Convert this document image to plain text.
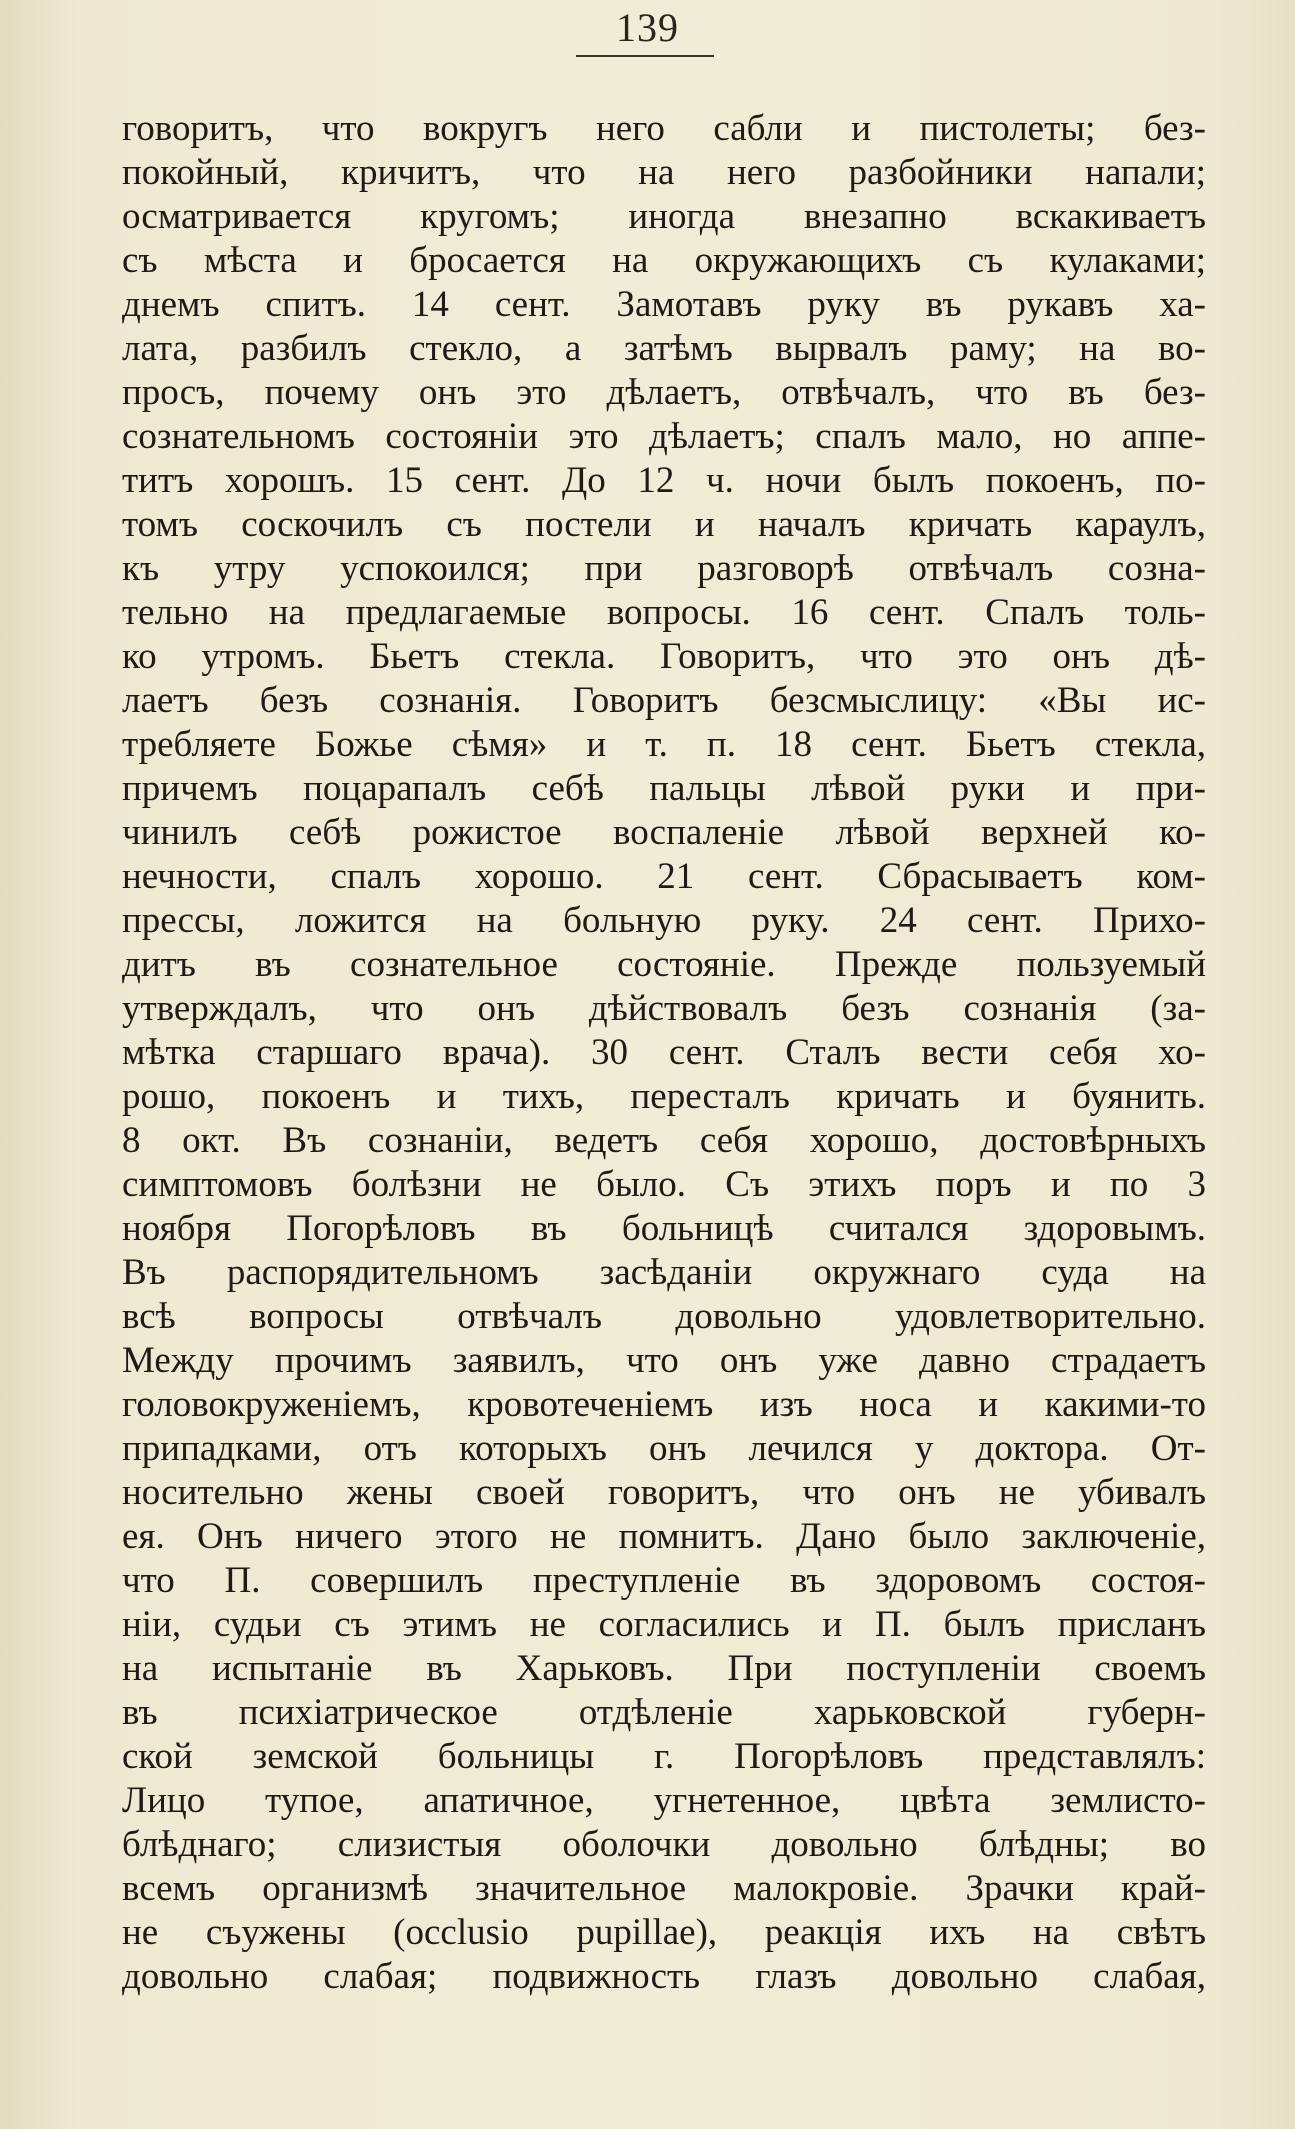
139
говоритъ, что вокругъ него сабли и пистолеты; без-
покойный, кричитъ, что на него разбойники напали;
осматривается кругомъ; иногда внезапно вскакиваетъ
съ мѣста и бросается на окружающихъ съ кулаками;
днемъ спитъ. 14 сент. Замотавъ руку въ рукавъ ха-
лата, разбилъ стекло, а затѣмъ вырвалъ раму; на во-
просъ, почему онъ это дѣлаетъ, отвѣчалъ, что въ без-
сознательномъ состояніи это дѣлаетъ; спалъ мало, но аппе-
титъ хорошъ. 15 сент. До 12 ч. ночи былъ покоенъ, по-
томъ соскочилъ съ постели и началъ кричать караулъ,
къ утру успокоился; при разговорѣ отвѣчалъ созна-
тельно на предлагаемые вопросы. 16 сент. Спалъ толь-
ко утромъ. Бьетъ стекла. Говоритъ, что это онъ дѣ-
лаетъ безъ сознанія. Говоритъ безсмыслицу: «Вы ис-
требляете Божье сѣмя» и т. п. 18 сент. Бьетъ стекла,
причемъ поцарапалъ себѣ пальцы лѣвой руки и при-
чинилъ себѣ рожистое воспаленіе лѣвой верхней ко-
нечности, спалъ хорошо. 21 сент. Сбрасываетъ ком-
прессы, ложится на больную руку. 24 сент. Прихо-
дитъ въ сознательное состояніе. Прежде пользуемый
утверждалъ, что онъ дѣйствовалъ безъ сознанія (за-
мѣтка старшаго врача). 30 сент. Сталъ вести себя хо-
рошо, покоенъ и тихъ, пересталъ кричать и буянить.
8 окт. Въ сознаніи, ведетъ себя хорошо, достовѣрныхъ
симптомовъ болѣзни не было. Съ этихъ поръ и по 3
ноября Погорѣловъ въ больницѣ считался здоровымъ.
Въ распорядительномъ засѣданіи окружнаго суда на
всѣ вопросы отвѣчалъ довольно удовлетворительно.
Между прочимъ заявилъ, что онъ уже давно страдаетъ
головокруженіемъ, кровотеченіемъ изъ носа и какими-то
припадками, отъ которыхъ онъ лечился у доктора. От-
носительно жены своей говоритъ, что онъ не убивалъ
ея. Онъ ничего этого не помнитъ. Дано было заключеніе,
что П. совершилъ преступленіе въ здоровомъ состоя-
ніи, судьи съ этимъ не согласились и П. былъ присланъ
на испытаніе въ Харьковъ. При поступленіи своемъ
въ психіатрическое отдѣленіе харьковской губерн-
ской земской больницы г. Погорѣловъ представлялъ:
Лицо тупое, апатичное, угнетенное, цвѣта землисто-
блѣднаго; слизистыя оболочки довольно блѣдны; во
всемъ организмѣ значительное малокровіе. Зрачки край-
не съужены (occlusio pupillae), реакція ихъ на свѣтъ
довольно слабая; подвижность глазъ довольно слабая,
